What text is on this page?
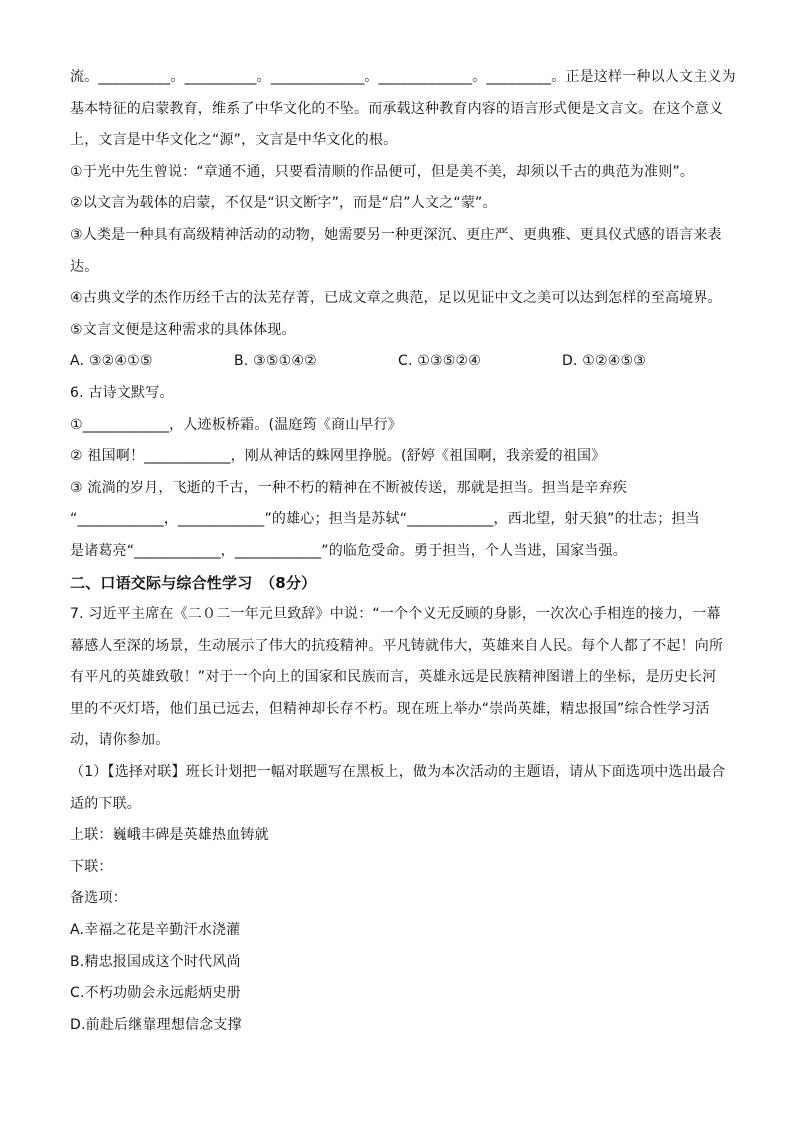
流。__________。__________。_____________。_____________。_________。正是这样一种以人文主义为
基本特征的启蒙教育，维系了中华文化的不坠。而承载这种教育内容的语言形式便是文言文。在这个意义
上，文言是中华文化之“源”，文言是中华文化的根。
①于光中先生曾说：“章通不通，只要看清顺的作品便可，但是美不美，却须以千古的典范为准则”。
②以文言为载体的启蒙，不仅是“识文断字”，而是“启”人文之“蒙”。
③人类是一种具有高级精神活动的动物，她需要另一种更深沉、更庄严、更典雅、更具仪式感的语言来表
达。
④古典文学的杰作历经千古的汰芜存菁，已成文章之典范，足以见证中文之美可以达到怎样的至高境界。
⑤文言文便是这种需求的具体体现。
A. ③②④①⑤	B. ③⑤①④②	C. ①③⑤②④	D. ①②④⑤③
6. 古诗文默写。
①____________，人迹板桥霜。(温庭筠《商山早行》
② 祖国啊！____________，刚从神话的蛛网里挣脱。(舒婷《祖国啊，我亲爱的祖国》
③ 流淌的岁月，飞逝的千古，一种不朽的精神在不断被传送，那就是担当。担当是辛弃疾
“____________，____________”的雄心；担当是苏轼“____________，西北望，射天狼”的壮志；担当
是诸葛亮“____________，____________”的临危受命。勇于担当，个人当进，国家当强。
二、口语交际与综合性学习　（8分）
7. 习近平主席在《二０二一年元旦致辞》中说：“一个个义无反顾的身影，一次次心手相连的接力，一幕
幕感人至深的场景，生动展示了伟大的抗疫精神。平凡铸就伟大，英雄来自人民。每个人都了不起！向所
有平凡的英雄致敬！”对于一个向上的国家和民族而言，英雄永远是民族精神图谱上的坐标，是历史长河
里的不灭灯塔，他们虽已远去，但精神却长存不朽。现在班上举办“崇尚英雄，精忠报国”综合性学习活
动，请你参加。
（1）【选择对联】班长计划把一幅对联题写在黑板上，做为本次活动的主题语，请从下面选项中选出最合
适的下联。
上联：巍峨丰碑是英雄热血铸就
下联：
备选项：
A.幸福之花是辛勤汗水浇灌
B.精忠报国成这个时代风尚
C.不朽功勋会永远彪炳史册
D.前赴后继靠理想信念支撑
